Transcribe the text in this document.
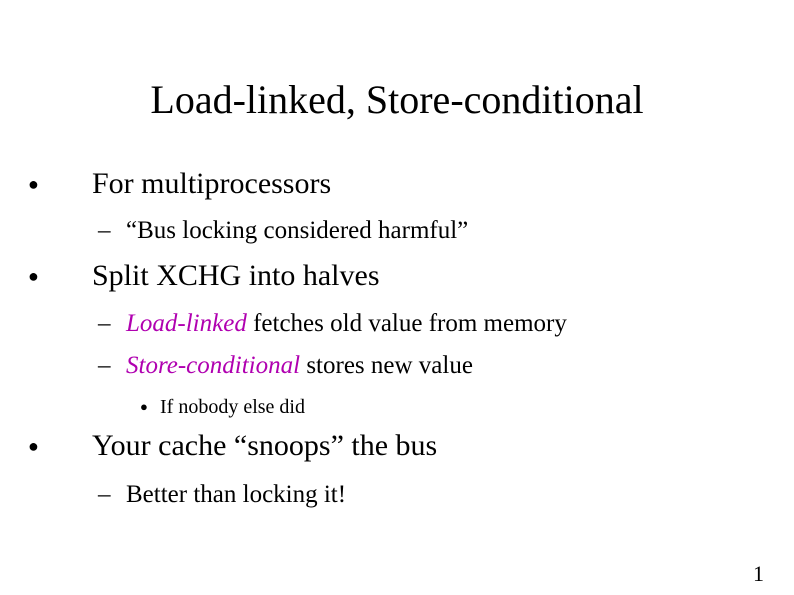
Load-linked, Store-conditional
● For multiprocessors
– “Bus locking considered harmful”
● Split XCHG into halves
– Load-linked fetches old value from memory
– Store-conditional stores new value
● If nobody else did
● Your cache “snoops” the bus
– Better than locking it!
1
